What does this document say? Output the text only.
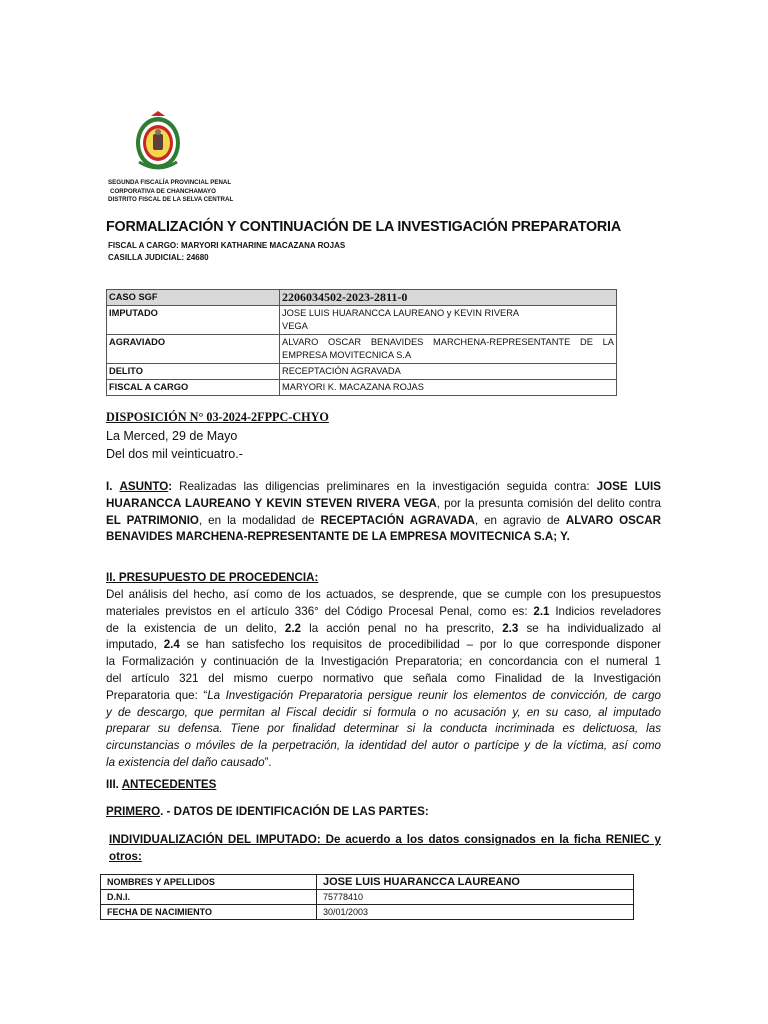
SEGUNDA FISCALÍA PROVINCIAL PENAL
CORPORATIVA DE CHANCHAMAYO
DISTRITO FISCAL DE LA SELVA CENTRAL
FORMALIZACIÓN Y CONTINUACIÓN DE LA INVESTIGACIÓN PREPARATORIA
FISCAL A CARGO: MARYORI KATHARINE MACAZANA ROJAS
CASILLA JUDICIAL: 24680
CASO SGF	2206034502-2023-2811-0
IMPUTADO	JOSE LUIS HUARANCCA LAUREANO y KEVIN RIVERA
VEGA

AGRAVIADO	ALVARO OSCAR BENAVIDES MARCHENA-REPRESENTANTE DE LA
EMPRESA MOVITECNICA S.A

DELITO	RECEPTACIÓN AGRAVADA
FISCAL A CARGO	MARYORI K. MACAZANA ROJAS
DISPOSICIÓN N° 03-2024-2FPPC-CHYO
La Merced, 29 de Mayo
Del dos mil veinticuatro.-
I. ASUNTO: Realizadas las diligencias preliminares en la investigación seguida contra: JOSE LUIS
HUARANCCA LAUREANO Y KEVIN STEVEN RIVERA VEGA, por la presunta comisión del delito contra
EL PATRIMONIO, en la modalidad de RECEPTACIÓN AGRAVADA, en agravio de ALVARO OSCAR
BENAVIDES MARCHENA-REPRESENTANTE DE LA EMPRESA MOVITECNICA S.A; Y.
II. PRESUPUESTO DE PROCEDENCIA:
Del análisis del hecho, así como de los actuados, se desprende, que se cumple con los presupuestos
materiales previstos en el artículo 336° del Código Procesal Penal, como es: 2.1 Indicios reveladores
de la existencia de un delito, 2.2 la acción penal no ha prescrito, 2.3 se ha individualizado al
imputado, 2.4 se han satisfecho los requisitos de procedibilidad – por lo que corresponde disponer
la Formalización y continuación de la Investigación Preparatoria; en concordancia con el numeral 1
del artículo 321 del mismo cuerpo normativo que señala como Finalidad de la Investigación
Preparatoria que: “La Investigación Preparatoria persigue reunir los elementos de convicción, de cargo
y de descargo, que permitan al Fiscal decidir si formula o no acusación y, en su caso, al imputado
preparar su defensa. Tiene por finalidad determinar si la conducta incriminada es delictuosa, las
circunstancias o móviles de la perpetración, la identidad del autor o partícipe y de la víctima, así como
la existencia del daño causado”.
III. ANTECEDENTES
PRIMERO. - DATOS DE IDENTIFICACIÓN DE LAS PARTES:
INDIVIDUALIZACIÓN DEL IMPUTADO: De acuerdo a los datos consignados en la ficha RENIEC y
otros:
NOMBRES Y APELLIDOS	JOSE LUIS HUARANCCA LAUREANO
D.N.I.	75778410
FECHA DE NACIMIENTO	30/01/2003
